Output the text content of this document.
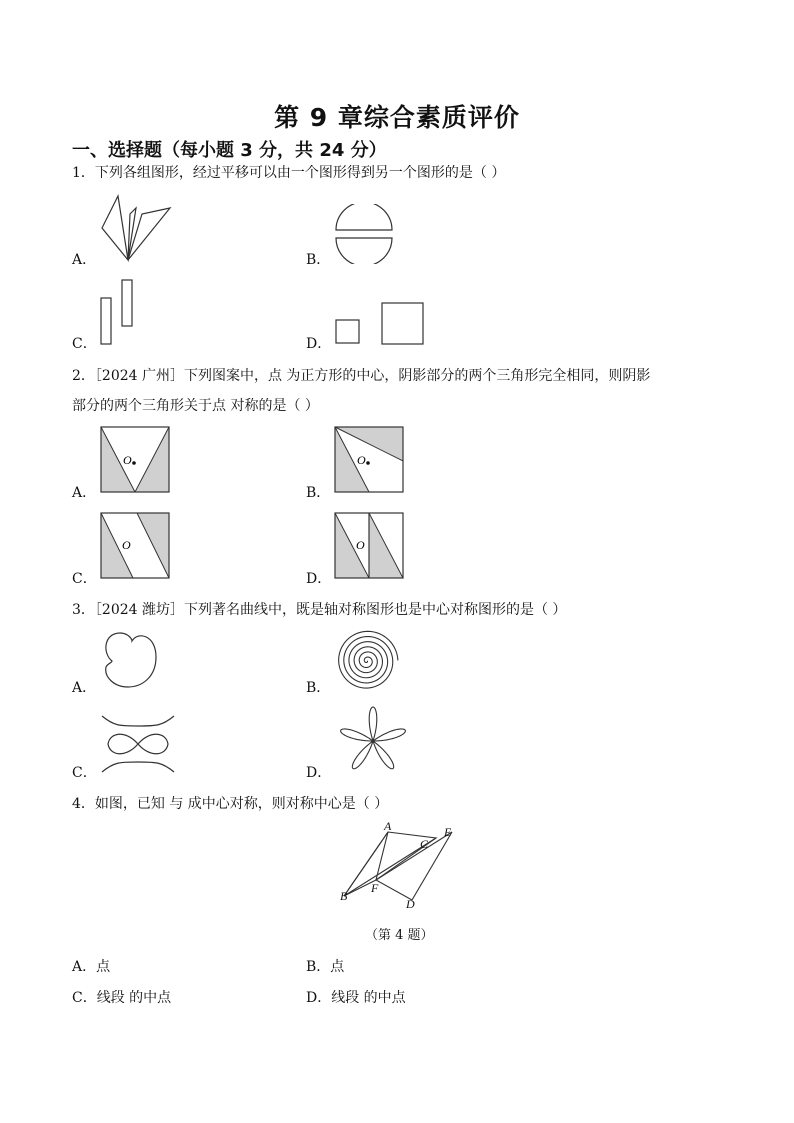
第 9 章综合素质评价
一、选择题（每小题 3 分，共 24 分）
1．下列各组图形，经过平移可以由一个图形得到另一个图形的是（ ）
A．	B．
C．	D．
2．［2024 广州］下列图案中，点 为正方形的中心，阴影部分的两个三角形完全相同，则阴影
部分的两个三角形关于点 对称的是（ ）
O
A．
O
B．
O
C．
O
D．
3．［2024 潍坊］下列著名曲线中，既是轴对称图形也是中心对称图形的是（ ）
A．	B．
C．	D．
4．如图，已知 与 成中心对称，则对称中心是（ ）
A
C
E
B
F
D
（第 4 题）
A．点	B．点
C．线段 的中点	D．线段 的中点
